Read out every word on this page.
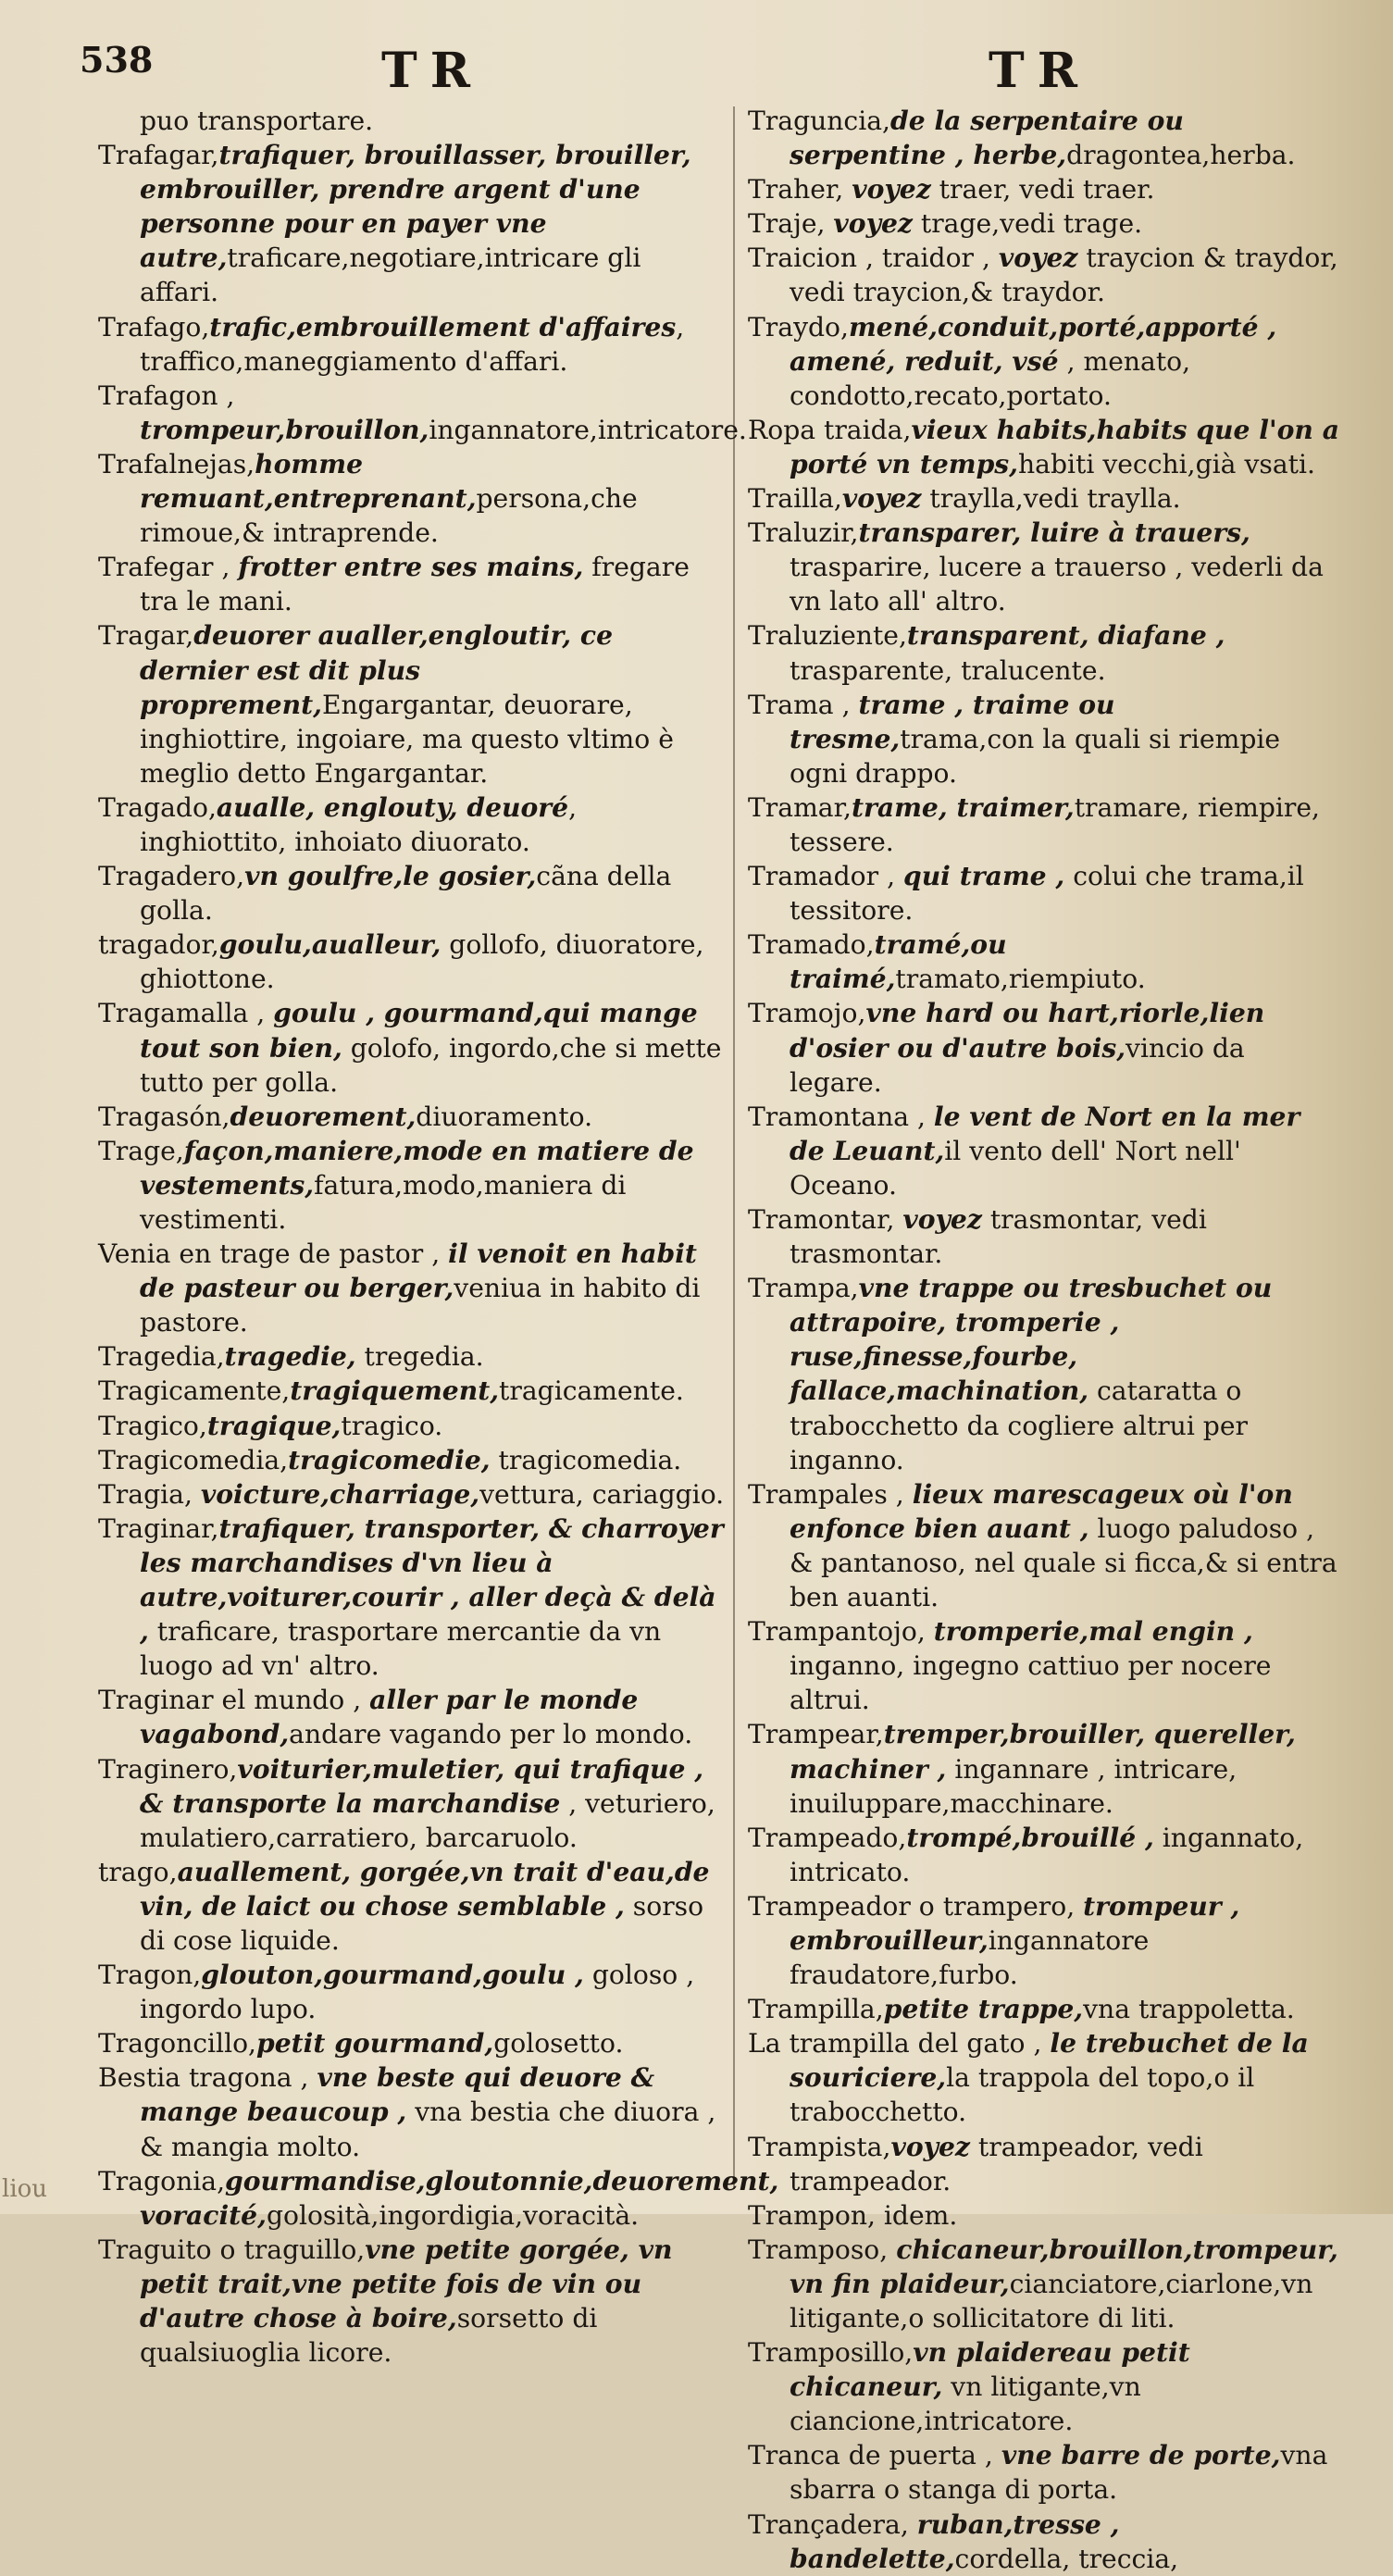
538	TR	TR

puo transportare.

Trafagar,trafiquer, brouillasser, brouiller, embrouiller, prendre argent d'une personne pour en payer vne autre,traficare,negotiare,intricare gli affari.

Trafag⁠o,trafic,embrouillement d'affaires, traffico,maneggiamento d'affari.

Trafagon , trompeur,brouillon,ingannatore,intricatore.

Trafalnejas,homme remuant,entreprenant,persona,che rimoue,& intraprende.

Trafegar , frotter entre ses mains, fregare tra le mani.

Tragar,deuorer aualler,engloutir, ce dernier est dit plus proprement,Engargantar, deuorare, inghiottire, ingoiare, ma questo vltimo è meglio detto Engargantar.

Tragado,aualle, englouty, deuoré, inghiottito, inhoiato diuorato.

Tragadero,vn goulfre,le gosier,cãna della golla.

tragador,goulu,aualleur, gollofo, diuoratore, ghiottone.

Tragamalla , goulu , gourmand,qui mange tout son bien, golofo, ingordo,che si mette tutto per golla.

Tragasón,deuorement,diuoramento.

Trage,façon,maniere,mode en matiere de vestements,fatura,modo,maniera di vestimenti.

Venia en trage de pastor , il venoit en habit de pasteur ou berger,veniua in habito di pastore.

Tragedia,tragedie, tregedia.

Tragicamente,tragiquement,tragicamente.

Tragico,tragique,tragico.

Tragicomedia,tragicomedie, tragicomedia.

Tragia, voicture,charriage,vettura, cariaggio.

Traginar,trafiquer, transporter, & charroyer les marchandises d'vn lieu à autre,voiturer,courir , aller deçà & delà , traficare, trasportare mercantie da vn luogo ad vn' altro.

Traginar el mundo , aller par le monde vagabond,andare vagando per lo mondo.

Traginero,voiturier,muletier, qui trafique , & transporte la marchandise , veturiero, mulatiero,carratiero, barcaruolo.

trago,auallement, gorgée,vn trait d'eau,de vin, de laict ou chose semblable , sorso di cose liquide.

Tragon,glouton,gourmand,goulu , goloso , ingordo lupo.

Tragoncillo,petit gourmand,golosetto.

Bestia tragona , vne beste qui deuore & mange beaucoup , vna bestia che diuora , & mangia molto.

Tragonia,gourmandise,gloutonnie,deuorement, voracité,golosità,ingordigia,voracità.

Traguito o traguillo,vne petite gorgée, vn petit trait,vne petite fois de vin ou d'autre chose à boire,sorsetto di qualsiuoglia licore.

Traguncia,de la serpentaire ou serpentine , herbe,dragontea,herba.

Traher, voyez traer, vedi traer.

Traje, voyez trage,vedi trage.

Traicion , traidor , voyez traycion & traydor, vedi traycion,& traydor.

Traydo,mené,conduit,porté,apporté , amené, reduit, vsé , menato, condotto,recato,portato.

Ropa traida,vieux habits,habits que l'on a porté vn temps,habiti vecchi,già vsati.

Trailla,voyez traylla,vedi traylla.

Traluzir,transparer, luire à trauers, trasparire, lucere a trauerso , vederli da vn lato all' altro.

Traluziente,transparent, diafane , trasparente, tralucente.

Trama , trame , traime ou tresme,trama,con la quali si riempie ogni drappo.

Tramar,trame, traimer,tramare, riempire, tessere.

Tramador , qui trame , colui che trama,il tessitore.

Tramado,tramé,ou traimé,tramato,riempiuto.

Tramojo,vne hard ou hart,riorle,lien d'osier ou d'autre bois,vincio da legare.

Tramontana , le vent de Nort en la mer de Leuant,il vento dell' Nort nell' Oceano.

Tramontar, voyez trasmontar, vedi trasmontar.

Trampa,vne trappe ou tresbuchet ou attrapoire, tromperie , ruse,finesse,fourbe, fallace,machination, cataratta o trabocchetto da cogliere altrui per inganno.

Trampales , lieux marescageux où l'on enfonce bien auant , luogo paludoso , & pantanoso, nel quale si ficca,& si entra ben auanti.

Trampantojo, tromperie,mal engin , inganno, ingegno cattiuo per nocere altrui.

Trampear,tremper,brouiller, quereller, machiner , ingannare , intricare, inuiluppare,macchinare.

Trampeado,trompé,brouillé , ingannato, intricato.

Trampeador o trampero, trompeur , embrouilleur,ingannatore fraudatore,furbo.

Trampilla,petite trappe,vna trappoletta.

La trampilla del gato , le trebuchet de la souriciere,la trappola del topo,o il trabocchetto.

Trampista,voyez trampeador, vedi trampeador.

Trampon, idem.

Tramposo, chicaneur,brouillon,trompeur, vn fin plaideur,cianciatore,ciarlone,vn litigante,o sollicitatore di liti.

Tramposillo,vn plaidereau petit chicaneur, vn litigante,vn ciancione,intricatore.

Tranca de puerta , vne barre de porte,vna sbarra o stanga di porta.

Trançadera, ruban,tresse , bandelette,cordella, treccia,

liou
